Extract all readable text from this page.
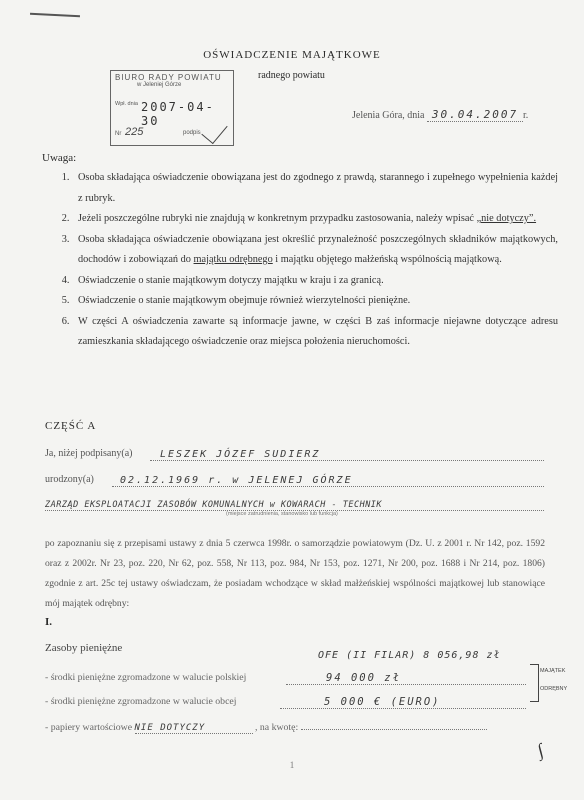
OŚWIADCZENIE MAJĄTKOWE
radnego powiatu
BIURO RADY POWIATU
w Jeleniej Górze
Wpł. dnia 2007-04-30
Nr 225	podpis
Jelenia Góra, dnia 30.04.2007 r.
Uwaga:
1. Osoba składająca oświadczenie obowiązana jest do zgodnego z prawdą, starannego i zupełnego wypełnienia każdej z rubryk.
2. Jeżeli poszczególne rubryki nie znajdują w konkretnym przypadku zastosowania, należy wpisać „nie dotyczy”.
3. Osoba składająca oświadczenie obowiązana jest określić przynależność poszczególnych składników majątkowych, dochodów i zobowiązań do majątku odrębnego i majątku objętego małżeńską wspólnością majątkową.
4. Oświadczenie o stanie majątkowym dotyczy majątku w kraju i za granicą.
5. Oświadczenie o stanie majątkowym obejmuje również wierzytelności pieniężne.
6. W części A oświadczenia zawarte są informacje jawne, w części B zaś informacje niejawne dotyczące adresu zamieszkania składającego oświadczenie oraz miejsca położenia nieruchomości.
CZĘŚĆ A
Ja, niżej podpisany(a)	LESZEK JÓZEF SUDIERZ
urodzony(a)	02.12.1969 r. w JELENEJ GÓRZE
ZARZĄD EKSPLOATACJI ZASOBÓW KOMUNALNYCH w KOWARACH - TECHNIK
(miejsce zatrudnienia, stanowisko lub funkcja)
po zapoznaniu się z przepisami ustawy z dnia 5 czerwca 1998r. o samorządzie powiatowym (Dz. U. z 2001 r. Nr 142, poz. 1592 oraz z 2002r. Nr 23, poz. 220, Nr 62, poz. 558, Nr 113, poz. 984, Nr 153, poz. 1271, Nr 200, poz. 1688 i Nr 214, poz. 1806) zgodnie z art. 25c tej ustawy oświadczam, że posiadam wchodzące w skład małżeńskiej wspólności majątkowej lub stanowiące mój majątek odrębny:
I.
Zasoby pieniężne
OFE (II FILAR) 8 056,98 zł
- środki pieniężne zgromadzone w walucie polskiej	94 000 zł
- środki pieniężne zgromadzone w walucie obcej	5 000 € (EURO)
MAJĄTEK
ODRĘBNY
- papiery wartościowe NIE DOTYCZY	, na kwotę:
∫
1
